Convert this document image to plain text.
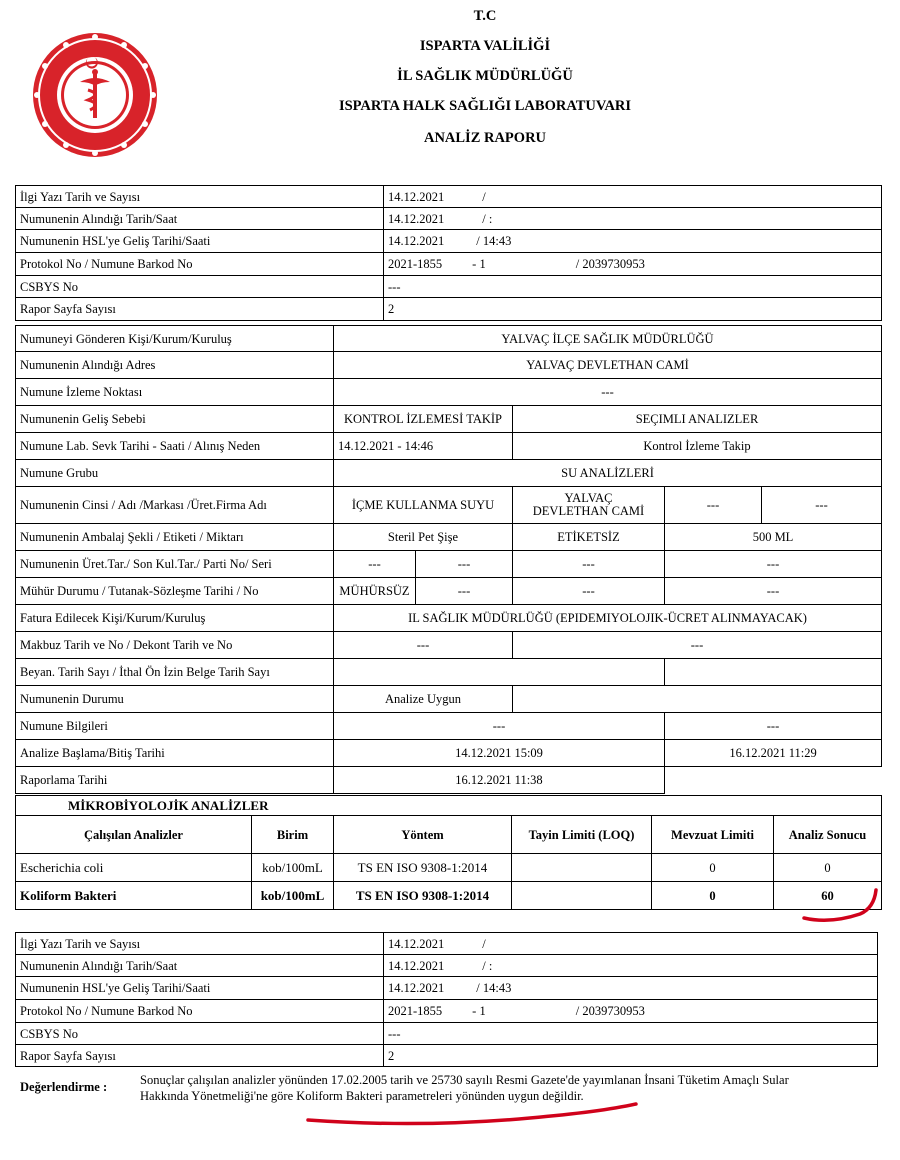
T.C
ISPARTA VALİLİĞİ
İL SAĞLIK MÜDÜRLÜĞÜ
ISPARTA HALK SAĞLIĞI LABORATUVARI
ANALİZ RAPORU
İlgi Yazı Tarih ve Sayısı	14.12.2021 /
Numunenin Alındığı Tarih/Saat	14.12.2021 / :
Numunenin HSL'ye Geliş Tarihi/Saati	14.12.2021 / 14:43
Protokol No / Numune Barkod No	2021-1855 - 1 / 2039730953
CSBYS No	---
Rapor Sayfa Sayısı	2
Numuneyi Gönderen Kişi/Kurum/Kuruluş	YALVAÇ İLÇE SAĞLIK MÜDÜRLÜĞÜ				
Numunenin Alındığı Adres	YALVAÇ DEVLETHAN CAMİ				
Numune İzleme Noktası	---				
Numunenin Geliş Sebebi	KONTROL İZLEMESİ TAKİP		SEÇIMLI ANALIZLER		
Numune Lab. Sevk Tarihi - Saati / Alınış Neden	14.12.2021 - 14:46		Kontrol İzleme Takip		
Numune Grubu	SU ANALİZLERİ				
Numunenin Cinsi / Adı /Markası /Üret.Firma Adı	İÇME KULLANMA SUYU		YALVAÇ
DEVLETHAN CAMİ	---	---
Numunenin Ambalaj Şekli / Etiketi / Miktarı	Steril Pet Şişe		ETİKETSİZ	500 ML	
Numunenin Üret.Tar./ Son Kul.Tar./ Parti No/ Seri	---	---	---	---	
Mühür Durumu / Tutanak-Sözleşme Tarihi / No	MÜHÜRSÜZ	---	---	---	
Fatura Edilecek Kişi/Kurum/Kuruluş	IL SAĞLIK MÜDÜRLÜĞÜ (EPIDEMIYOLOJIK-ÜCRET ALINMAYACAK)				
Makbuz Tarih ve No / Dekont Tarih ve No	---		---		
Beyan. Tarih Sayı / İthal Ön İzin Belge Tarih Sayı					
Numunenin Durumu	Analize Uygun				
Numune Bilgileri	---			---	
Analize Başlama/Bitiş Tarihi	14.12.2021 15:09			16.12.2021 11:29	
Raporlama Tarihi	16.12.2021 11:38				
MİKROBİYOLOJİK ANALİZLER					
Çalışılan Analizler	Birim	Yöntem	Tayin Limiti (LOQ)	Mevzuat Limiti	Analiz Sonucu
Escherichia coli	kob/100mL	TS EN ISO 9308-1:2014		0	0
Koliform Bakteri	kob/100mL	TS EN ISO 9308-1:2014		0	60
İlgi Yazı Tarih ve Sayısı	14.12.2021 /
Numunenin Alındığı Tarih/Saat	14.12.2021 / :
Numunenin HSL'ye Geliş Tarihi/Saati	14.12.2021 / 14:43
Protokol No / Numune Barkod No	2021-1855 - 1 / 2039730953
CSBYS No	---
Rapor Sayfa Sayısı	2
Değerlendirme :	Sonuçlar çalışılan analizler yönünden 17.02.2005 tarih ve 25730 sayılı Resmi Gazete'de yayımlanan İnsani Tüketim Amaçlı Sular
Hakkında Yönetmeliği'ne göre Koliform Bakteri parametreleri yönünden uygun değildir.
